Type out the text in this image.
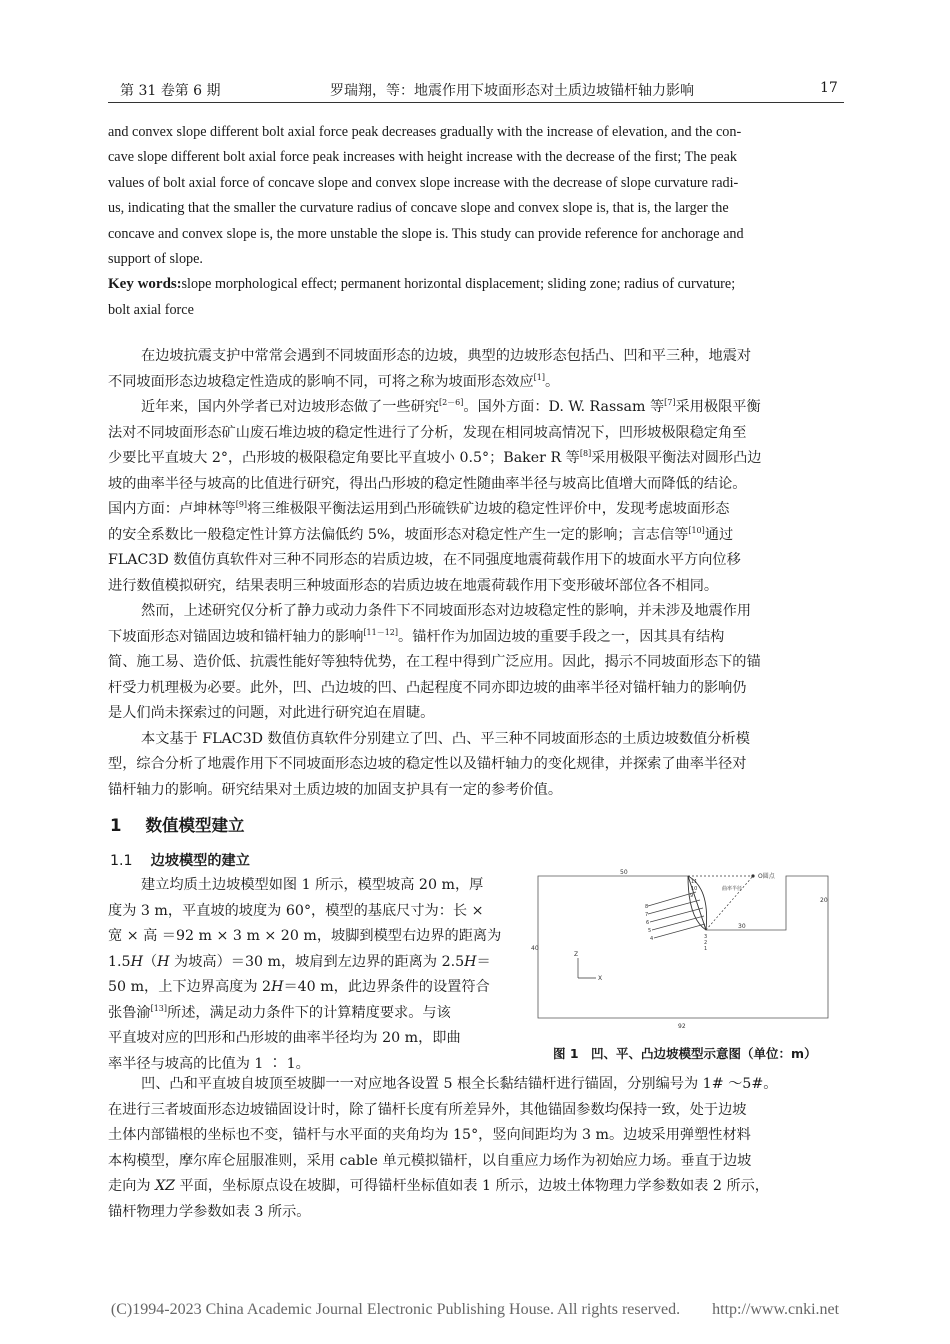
第 31 卷第 6 期	罗瑞翔，等：地震作用下坡面形态对土质边坡锚杆轴力影响	17
and convex slope different bolt axial force peak decreases gradually with the increase of elevation, and the con-
cave slope different bolt axial force peak increases with height increase with the decrease of the first; The peak
values of bolt axial force of concave slope and convex slope increase with the decrease of slope curvature radi-
us, indicating that the smaller the curvature radius of concave slope and convex slope is, that is, the larger the
concave and convex slope is, the more unstable the slope is. This study can provide reference for anchorage and
support of slope.
Key words:slope morphological effect; permanent horizontal displacement; sliding zone; radius of curvature;
bolt axial force
在边坡抗震支护中常常会遇到不同坡面形态的边坡，典型的边坡形态包括凸、凹和平三种，地震对
不同坡面形态边坡稳定性造成的影响不同，可将之称为坡面形态效应[1]。
近年来，国内外学者已对边坡形态做了一些研究[2－6]。国外方面：D. W. Rassam 等[7]采用极限平衡
法对不同坡面形态矿山废石堆边坡的稳定性进行了分析，发现在相同坡高情况下，凹形坡极限稳定角至
少要比平直坡大 2°，凸形坡的极限稳定角要比平直坡小 0.5°；Baker R 等[8]采用极限平衡法对圆形凸边
坡的曲率半径与坡高的比值进行研究，得出凸形坡的稳定性随曲率半径与坡高比值增大而降低的结论。
国内方面：卢坤林等[9]将三维极限平衡法运用到凸形硫铁矿边坡的稳定性评价中，发现考虑坡面形态
的安全系数比一般稳定性计算方法偏低约 5%，坡面形态对稳定性产生一定的影响；言志信等[10]通过
FLAC3D 数值仿真软件对三种不同形态的岩质边坡，在不同强度地震荷载作用下的坡面水平方向位移
进行数值模拟研究，结果表明三种坡面形态的岩质边坡在地震荷载作用下变形破坏部位各不相同。
然而，上述研究仅分析了静力或动力条件下不同坡面形态对边坡稳定性的影响，并未涉及地震作用
下坡面形态对锚固边坡和锚杆轴力的影响[11－12]。锚杆作为加固边坡的重要手段之一，因其具有结构
简、施工易、造价低、抗震性能好等独特优势，在工程中得到广泛应用。因此，揭示不同坡面形态下的锚
杆受力机理极为必要。此外，凹、凸边坡的凹、凸起程度不同亦即边坡的曲率半径对锚杆轴力的影响仍
是人们尚未探索过的问题，对此进行研究迫在眉睫。
本文基于 FLAC3D 数值仿真软件分别建立了凹、凸、平三种不同坡面形态的土质边坡数值分析模
型，综合分析了地震作用下不同坡面形态边坡的稳定性以及锚杆轴力的变化规律，并探索了曲率半径对
锚杆轴力的影响。研究结果对土质边坡的加固支护具有一定的参考价值。
1 数值模型建立
1.1 边坡模型的建立
建立均质土边坡模型如图 1 所示，模型坡高 20 m，厚
度为 3 m，平直坡的坡度为 60°，模型的基底尺寸为：长 ×
宽 × 高 ＝92 m × 3 m × 20 m，坡脚到模型右边界的距离为
1.5H（H 为坡高）＝30 m，坡肩到左边界的距离为 2.5H＝
50 m，上下边界高度为 2H＝40 m，此边界条件的设置符合
张鲁渝[13]所述，满足动力条件下的计算精度要求。与该
平直坡对应的凹形和凸形坡的曲率半径均为 20 m，即曲
率半径与坡高的比值为 1 ∶ 1。
11
10
9
8
7
6
5
4	3
2
1
50
30
92
40
20
O圆点
曲率半径
Z
X
图 1　凹、平、凸边坡模型示意图（单位：m）
凹、凸和平直坡自坡顶至坡脚一一对应地各设置 5 根全长黏结锚杆进行锚固，分别编号为 1# ～5#。
在进行三者坡面形态边坡锚固设计时，除了锚杆长度有所差异外，其他锚固参数均保持一致，处于边坡
土体内部锚根的坐标也不变，锚杆与水平面的夹角均为 15°，竖向间距均为 3 m。边坡采用弹塑性材料
本构模型，摩尔库仑屈服准则，采用 cable 单元模拟锚杆，以自重应力场作为初始应力场。垂直于边坡
走向为 XZ 平面，坐标原点设在坡脚，可得锚杆坐标值如表 1 所示，边坡土体物理力学参数如表 2 所示，
锚杆物理力学参数如表 3 所示。
(C)1994-2023 China Academic Journal Electronic Publishing House. All rights reserved.　　http://www.cnki.net
